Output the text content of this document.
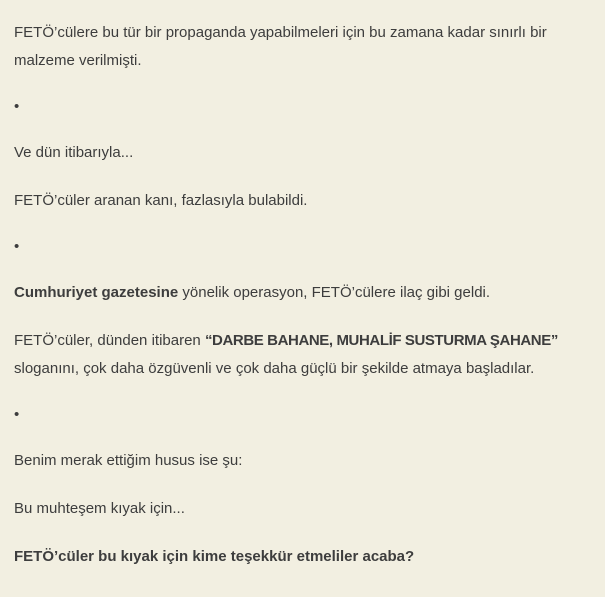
FETÖ’cülere bu tür bir propaganda yapabilmeleri için bu zamana kadar sınırlı bir malzeme verilmişti.

•

Ve dün itibarıyla...

FETÖ’cüler aranan kanı, fazlasıyla bulabildi.

•

Cumhuriyet gazetesine yönelik operasyon, FETÖ’cülere ilaç gibi geldi.

FETÖ’cüler, dünden itibaren “DARBE BAHANE, MUHALİF SUSTURMA ŞAHANE”
sloganını, çok daha özgüvenli ve çok daha güçlü bir şekilde atmaya başladılar.

•

Benim merak ettiğim husus ise şu:

Bu muhteşem kıyak için...

FETÖ’cüler bu kıyak için kime teşekkür etmeliler acaba?
